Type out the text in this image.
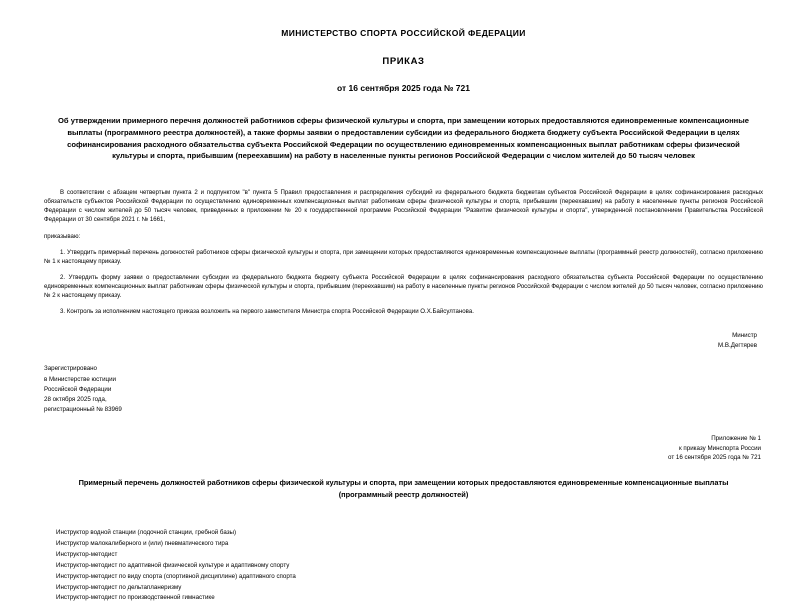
МИНИСТЕРСТВО СПОРТА РОССИЙСКОЙ ФЕДЕРАЦИИ
ПРИКАЗ
от 16 сентября 2025 года № 721
Об утверждении примерного перечня должностей работников сферы физической культуры и спорта, при замещении которых предоставляются единовременные компенсационные выплаты (программного реестра должностей), а также формы заявки о предоставлении субсидии из федерального бюджета бюджету субъекта Российской Федерации в целях софинансирования расходного обязательства субъекта Российской Федерации по осуществлению единовременных компенсационных выплат работникам сферы физической культуры и спорта, прибывшим (переехавшим) на работу в населенные пункты регионов Российской Федерации с числом жителей до 50 тысяч человек
В соответствии с абзацем четвертым пункта 2 и подпунктом "в" пункта 5 Правил предоставления и распределения субсидий из федерального бюджета бюджетам субъектов Российской Федерации в целях софинансирования расходных обязательств субъектов Российской Федерации по осуществлению единовременных компенсационных выплат работникам сферы физической культуры и спорта, прибывшим (переехавшим) на работу в населенные пункты регионов Российской Федерации с числом жителей до 50 тысяч человек, приведенных в приложении № 20 к государственной программе Российской Федерации "Развитие физической культуры и спорта", утвержденной постановлением Правительства Российской Федерации от 30 сентября 2021 г. № 1661,
приказываю:
1. Утвердить примерный перечень должностей работников сферы физической культуры и спорта, при замещении которых предоставляются единовременные компенсационные выплаты (программный реестр должностей), согласно приложению № 1 к настоящему приказу.
2. Утвердить форму заявки о предоставлении субсидии из федерального бюджета бюджету субъекта Российской Федерации в целях софинансирования расходного обязательства субъекта Российской Федерации по осуществлению единовременных компенсационных выплат работникам сферы физической культуры и спорта, прибывшим (переехавшим) на работу в населенные пункты регионов Российской Федерации с числом жителей до 50 тысяч человек, согласно приложению № 2 к настоящему приказу.
3. Контроль за исполнением настоящего приказа возложить на первого заместителя Министра спорта Российской Федерации О.Х.Байсултанова.
Министр
М.В.Дегтярев
Зарегистрировано
в Министерстве юстиции
Российской Федерации
28 октября 2025 года,
регистрационный № 83969
Приложение № 1
к приказу Минспорта России
от 16 сентября 2025 года № 721
Примерный перечень должностей работников сферы физической культуры и спорта, при замещении которых предоставляются единовременные компенсационные выплаты (программный реестр должностей)
Инструктор водной станции (лодочной станции, гребной базы)
Инструктор малокалиберного и (или) пневматического тира
Инструктор-методист
Инструктор-методист по адаптивной физической культуре и адаптивному спорту
Инструктор-методист по виду спорта (спортивной дисциплине) адаптивного спорта
Инструктор-методист по дельтапланеризму
Инструктор-методист по производственной гимнастике
